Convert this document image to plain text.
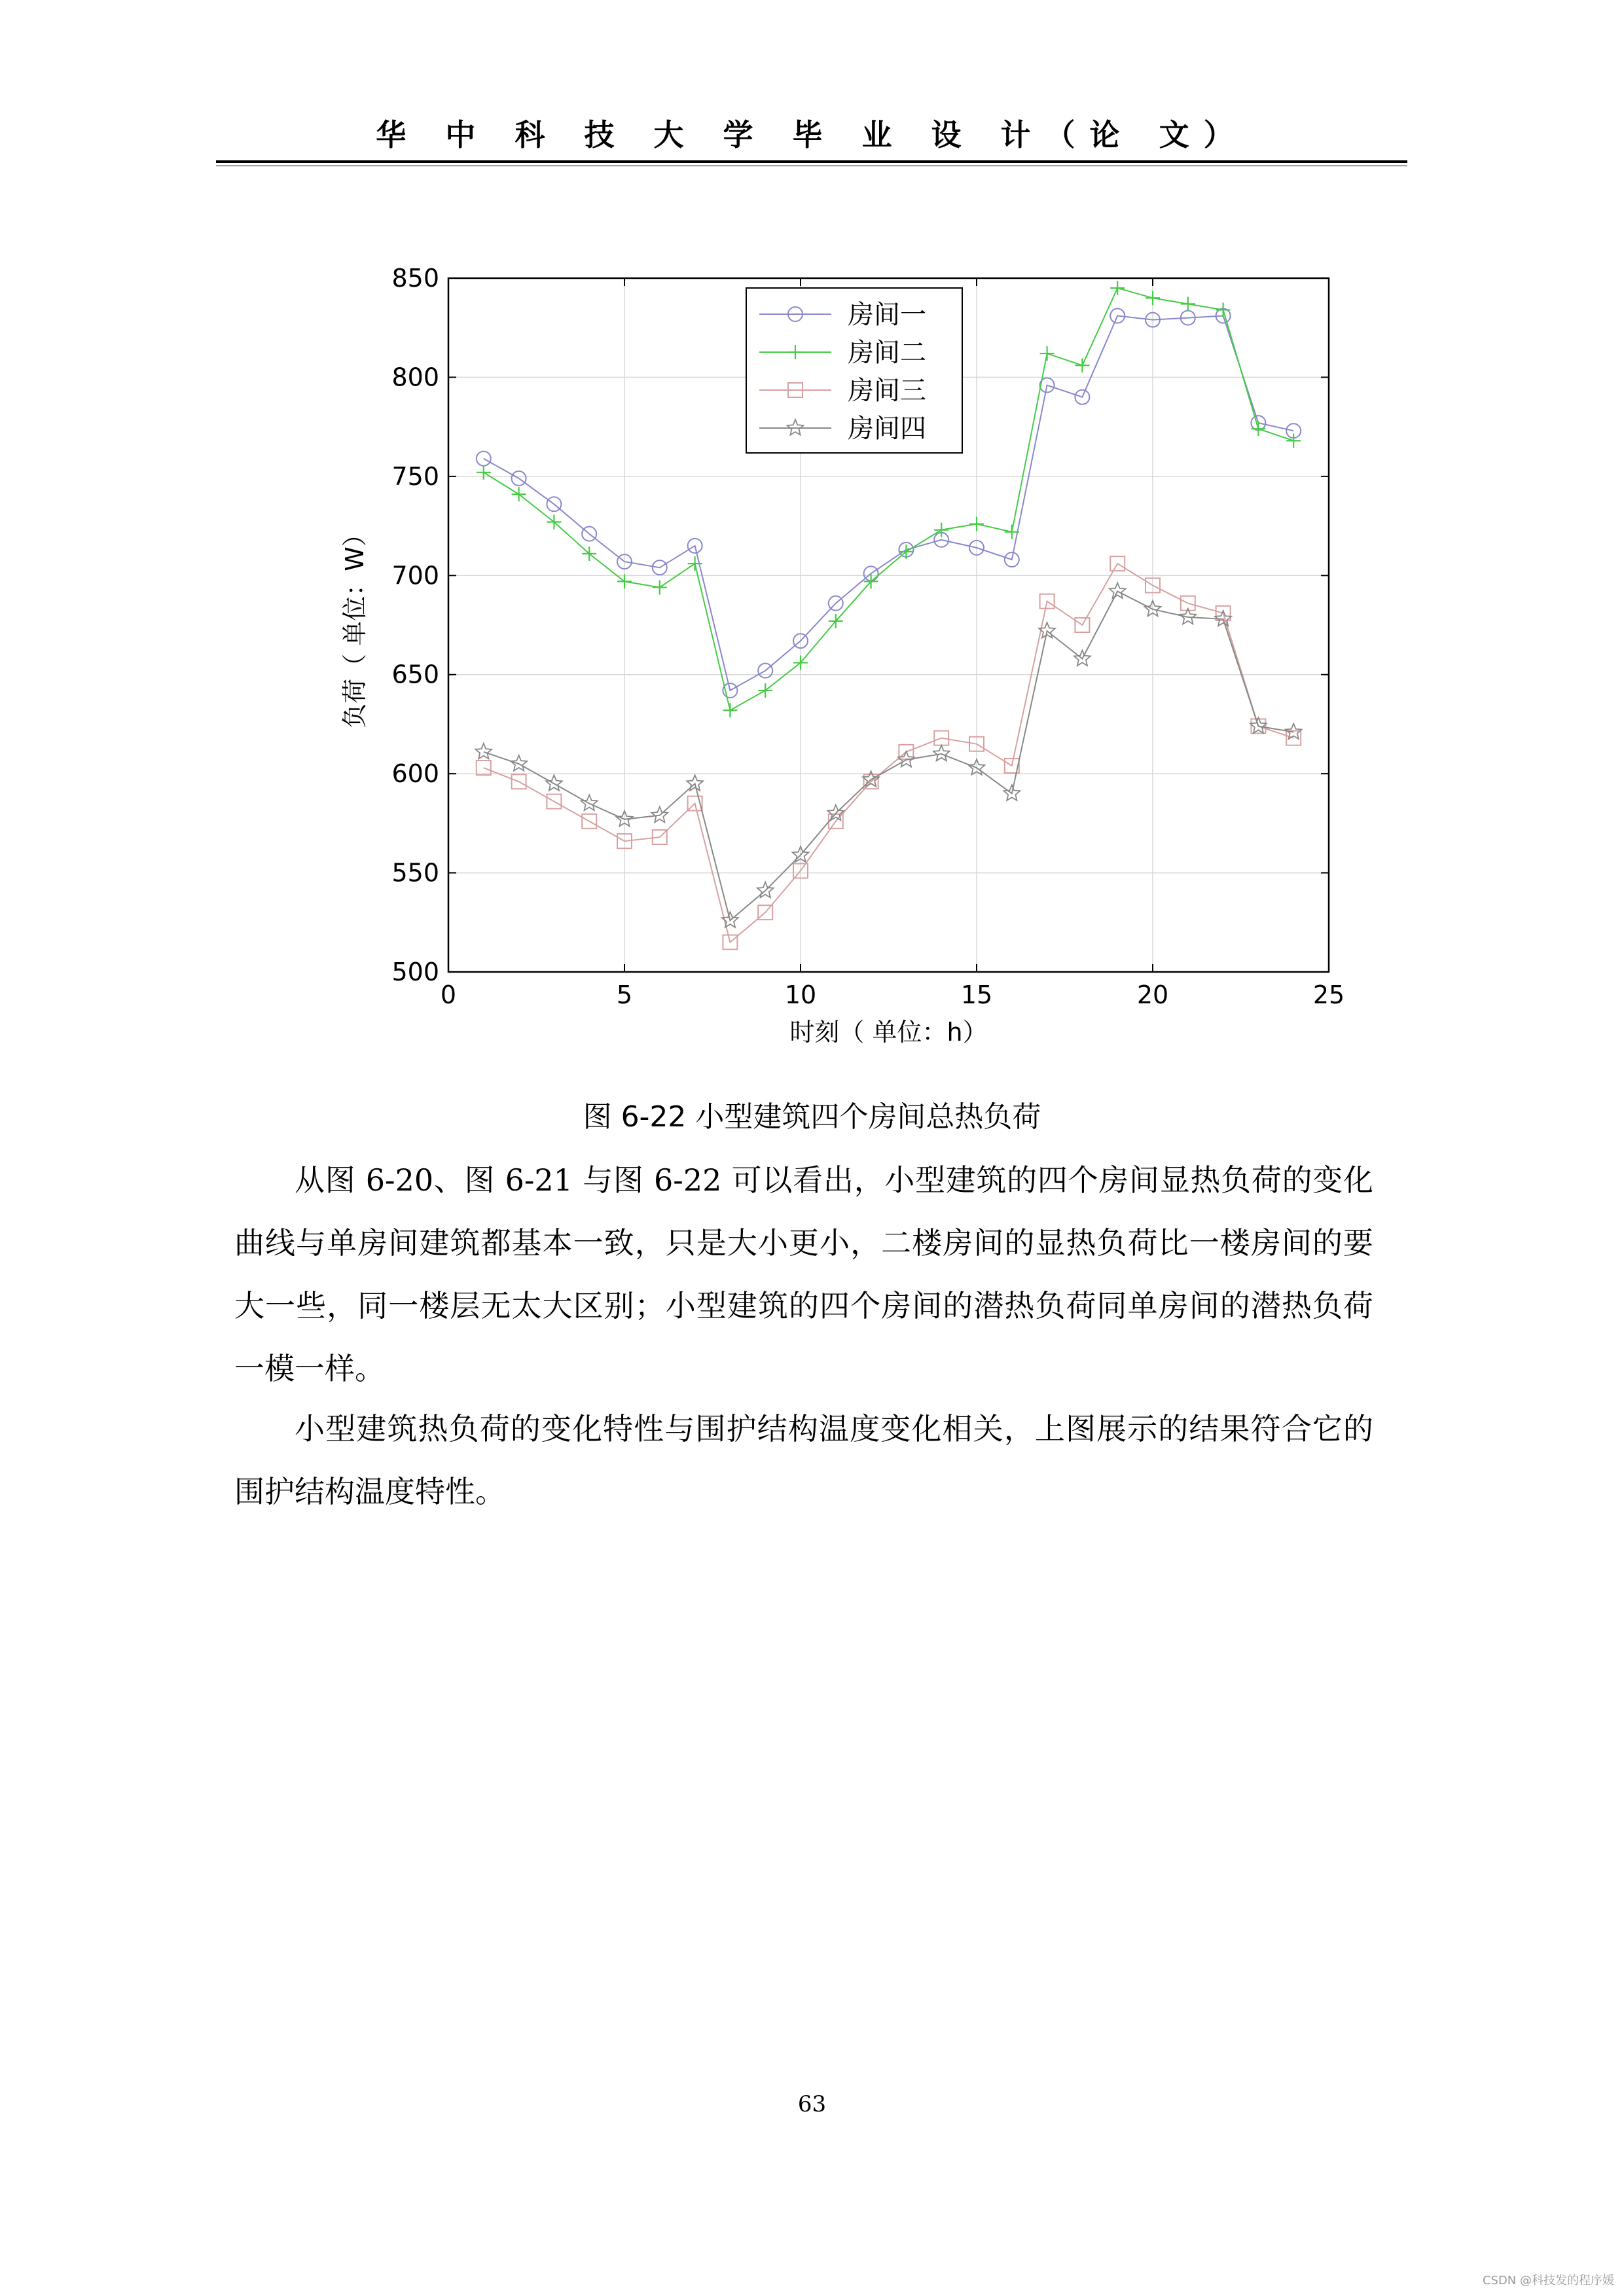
华 中 科 技 大 学 毕 业 设 计（论 文）
0	5	10	15	20	25
500
550
600
650
700
750
800
850
时刻（ 单位：h）
负荷（ 单位：W）
房间一
房间二
房间三
房间四
图 6-22 小型建筑四个房间总热负荷

从图 6-20、图 6-21 与图 6-22 可以看出，小型建筑的四个房间显热负荷的变化曲线与单房间建筑都基本一致，只是大小更小，二楼房间的显热负荷比一楼房间的要大一些，同一楼层无太大区别；小型建筑的四个房间的潜热负荷同单房间的潜热负荷一模一样。

小型建筑热负荷的变化特性与围护结构温度变化相关，上图展示的结果符合它的围护结构温度特性。

63
CSDN @科技发的程序媛
